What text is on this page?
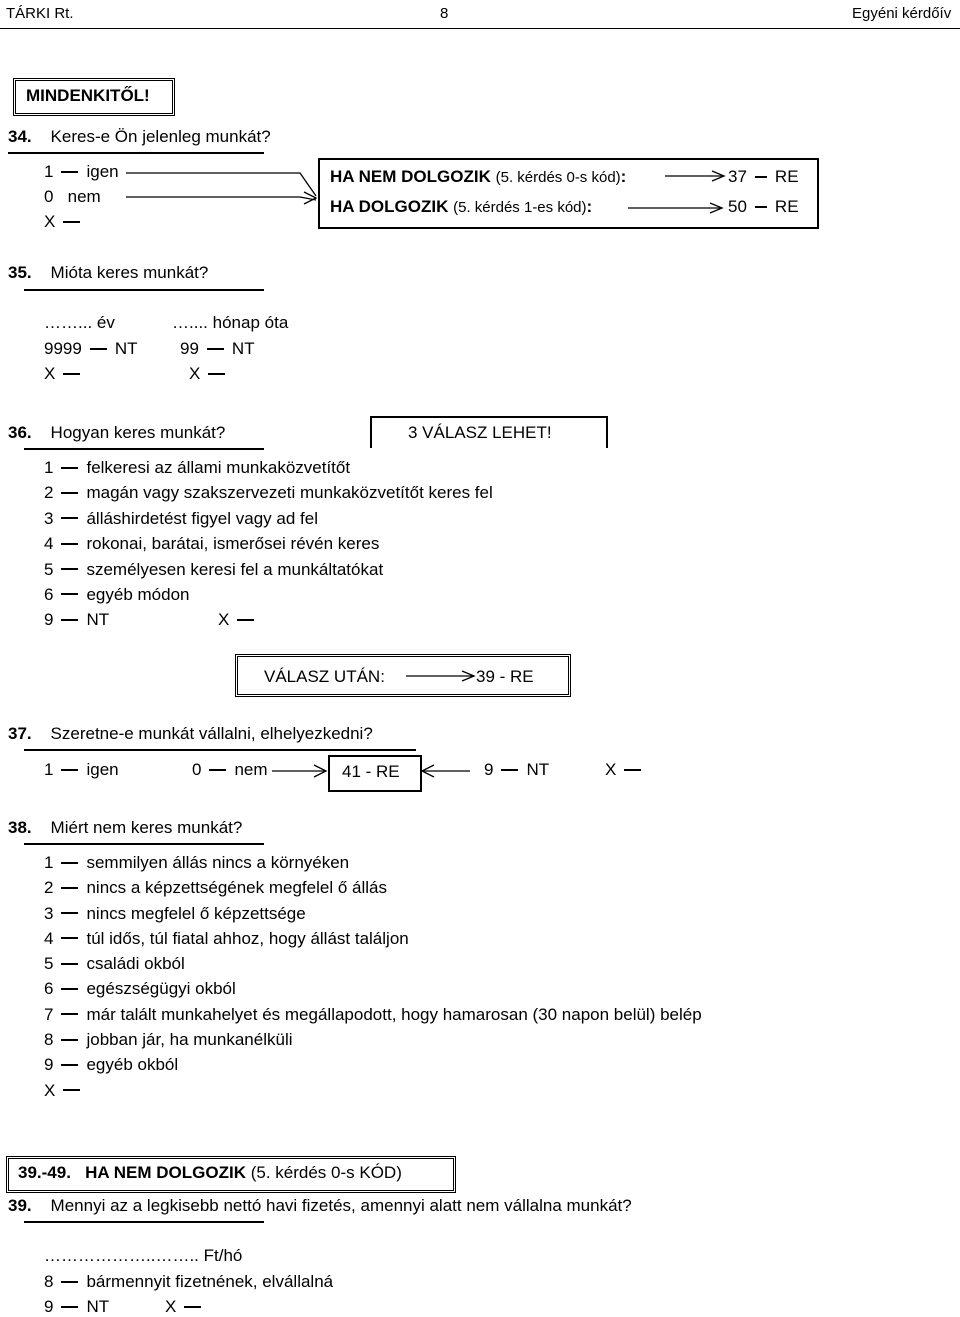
TÁRKI Rt.	8	Egyéni kérdőív
MINDENKITŐL!
34. Keres-e Ön jelenleg munkát?
1 igen
0 nem
X
HA NEM DOLGOZIK (5. kérdés 0-s kód):	37 RE
HA DOLGOZIK (5. kérdés 1-es kód):	50 RE
35. Mióta keres munkát?
……... év	….... hónap óta
9999 NT	99 NT
X	X
36. Hogyan keres munkát?	3 VÁLASZ LEHET!
1 felkeresi az állami munkaközvetítőt
2 magán vagy szakszervezeti munkaközvetítőt keres fel
3 álláshirdetést figyel vagy ad fel
4 rokonai, barátai, ismerősei révén keres
5 személyesen keresi fel a munkáltatókat
6 egyéb módon
9 NT	X
VÁLASZ UTÁN:	39 - RE
37. Szeretne-e munkát vállalni, elhelyezkedni?
1 igen	0 nem	41 - RE	9 NT	X
38. Miért nem keres munkát?
1 semmilyen állás nincs a környéken
2 nincs a képzettségének megfelel ő állás
3 nincs megfelel ő képzettsége
4 túl idős, túl fiatal ahhoz, hogy állást találjon
5 családi okból
6 egészségügyi okból
7 már talált munkahelyet és megállapodott, hogy hamarosan (30 napon belül) belép
8 jobban jár, ha munkanélküli
9 egyéb okból
X
39.-49. HA NEM DOLGOZIK (5. kérdés 0-s KÓD)
39. Mennyi az a legkisebb nettó havi fizetés, amennyi alatt nem vállalna munkát?
………………..…….. Ft/hó
8 bármennyit fizetnének, elvállalná
9 NT	X
